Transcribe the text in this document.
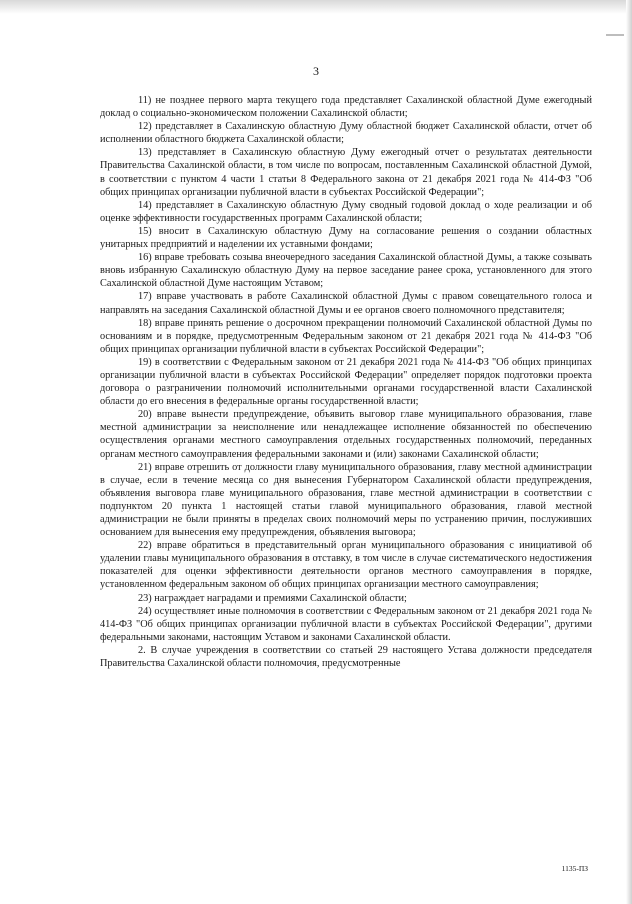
3

11) не позднее первого марта текущего года представляет Сахалинской областной Думе ежегодный доклад о социально-экономическом положении Сахалинской области;

12) представляет в Сахалинскую областную Думу областной бюджет Сахалинской области, отчет об исполнении областного бюджета Сахалинской области;

13) представляет в Сахалинскую областную Думу ежегодный отчет о результатах деятельности Правительства Сахалинской области, в том числе по вопросам, поставленным Сахалинской областной Думой, в соответствии с пунктом 4 части 1 статьи 8 Федерального закона от 21 декабря 2021 года № 414-ФЗ "Об общих принципах организации публичной власти в субъектах Российской Федерации";

14) представляет в Сахалинскую областную Думу сводный годовой доклад о ходе реализации и об оценке эффективности государственных программ Сахалинской области;

15) вносит в Сахалинскую областную Думу на согласование решения о создании областных унитарных предприятий и наделении их уставными фондами;

16) вправе требовать созыва внеочередного заседания Сахалинской областной Думы, а также созывать вновь избранную Сахалинскую областную Думу на первое заседание ранее срока, установленного для этого Сахалинской областной Думе настоящим Уставом;

17) вправе участвовать в работе Сахалинской областной Думы с правом совещательного голоса и направлять на заседания Сахалинской областной Думы и ее органов своего полномочного представителя;

18) вправе принять решение о досрочном прекращении полномочий Сахалинской областной Думы по основаниям и в порядке, предусмотренным Федеральным законом от 21 декабря 2021 года № 414-ФЗ "Об общих принципах организации публичной власти в субъектах Российской Федерации";

19) в соответствии с Федеральным законом от 21 декабря 2021 года № 414-ФЗ "Об общих принципах организации публичной власти в субъектах Российской Федерации" определяет порядок подготовки проекта договора о разграничении полномочий исполнительными органами государственной власти Сахалинской области до его внесения в федеральные органы государственной власти;

20) вправе вынести предупреждение, объявить выговор главе муниципального образования, главе местной администрации за неисполнение или ненадлежащее исполнение обязанностей по обеспечению осуществления органами местного самоуправления отдельных государственных полномочий, переданных органам местного самоуправления федеральными законами и (или) законами Сахалинской области;

21) вправе отрешить от должности главу муниципального образования, главу местной администрации в случае, если в течение месяца со дня вынесения Губернатором Сахалинской области предупреждения, объявления выговора главе муниципального образования, главе местной администрации в соответствии с подпунктом 20 пункта 1 настоящей статьи главой муниципального образования, главой местной администрации не были приняты в пределах своих полномочий меры по устранению причин, послуживших основанием для вынесения ему предупреждения, объявления выговора;

22) вправе обратиться в представительный орган муниципального образования с инициативой об удалении главы муниципального образования в отставку, в том числе в случае систематического недостижения показателей для оценки эффективности деятельности органов местного самоуправления в порядке, установленном федеральным законом об общих принципах организации местного самоуправления;

23) награждает наградами и премиями Сахалинской области;

24) осуществляет иные полномочия в соответствии с Федеральным законом от 21 декабря 2021 года № 414-ФЗ "Об общих принципах организации публичной власти в субъектах Российской Федерации", другими федеральными законами, настоящим Уставом и законами Сахалинской области.

2. В случае учреждения в соответствии со статьей 29 настоящего Устава должности председателя Правительства Сахалинской области полномочия, предусмотренные

1135-ПЗ
